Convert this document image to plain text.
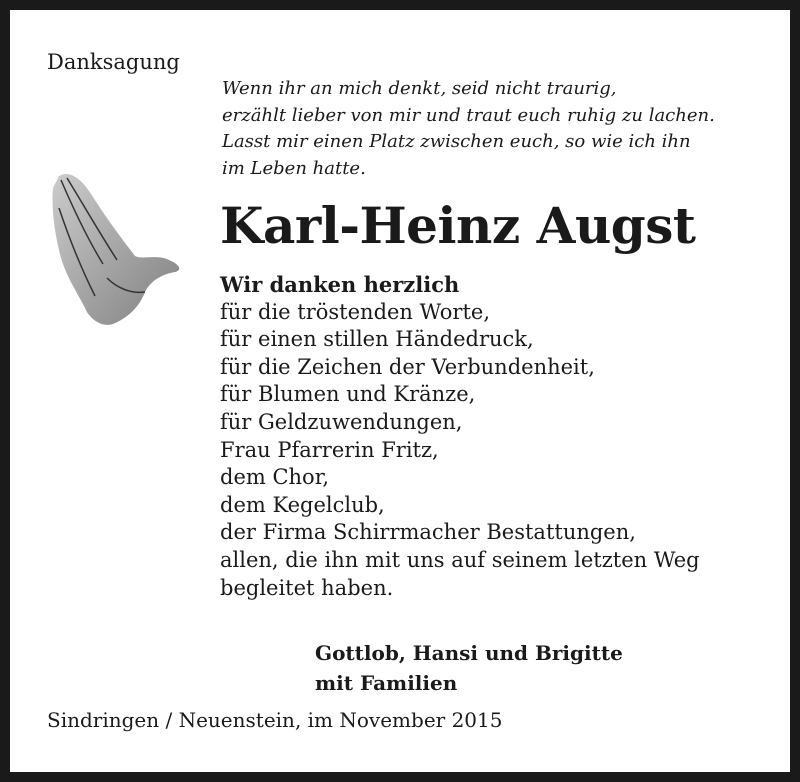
Danksagung
Wenn ihr an mich denkt, seid nicht traurig,
erzählt lieber von mir und traut euch ruhig zu lachen.
Lasst mir einen Platz zwischen euch, so wie ich ihn
im Leben hatte.
Karl-Heinz Augst
Wir danken herzlich
für die tröstenden Worte,
für einen stillen Händedruck,
für die Zeichen der Verbundenheit,
für Blumen und Kränze,
für Geldzuwendungen,
Frau Pfarrerin Fritz,
dem Chor,
dem Kegelclub,
der Firma Schirrmacher Bestattungen,
allen, die ihn mit uns auf seinem letzten Weg
begleitet haben.
Gottlob, Hansi und Brigitte
mit Familien
Sindringen / Neuenstein, im November 2015
